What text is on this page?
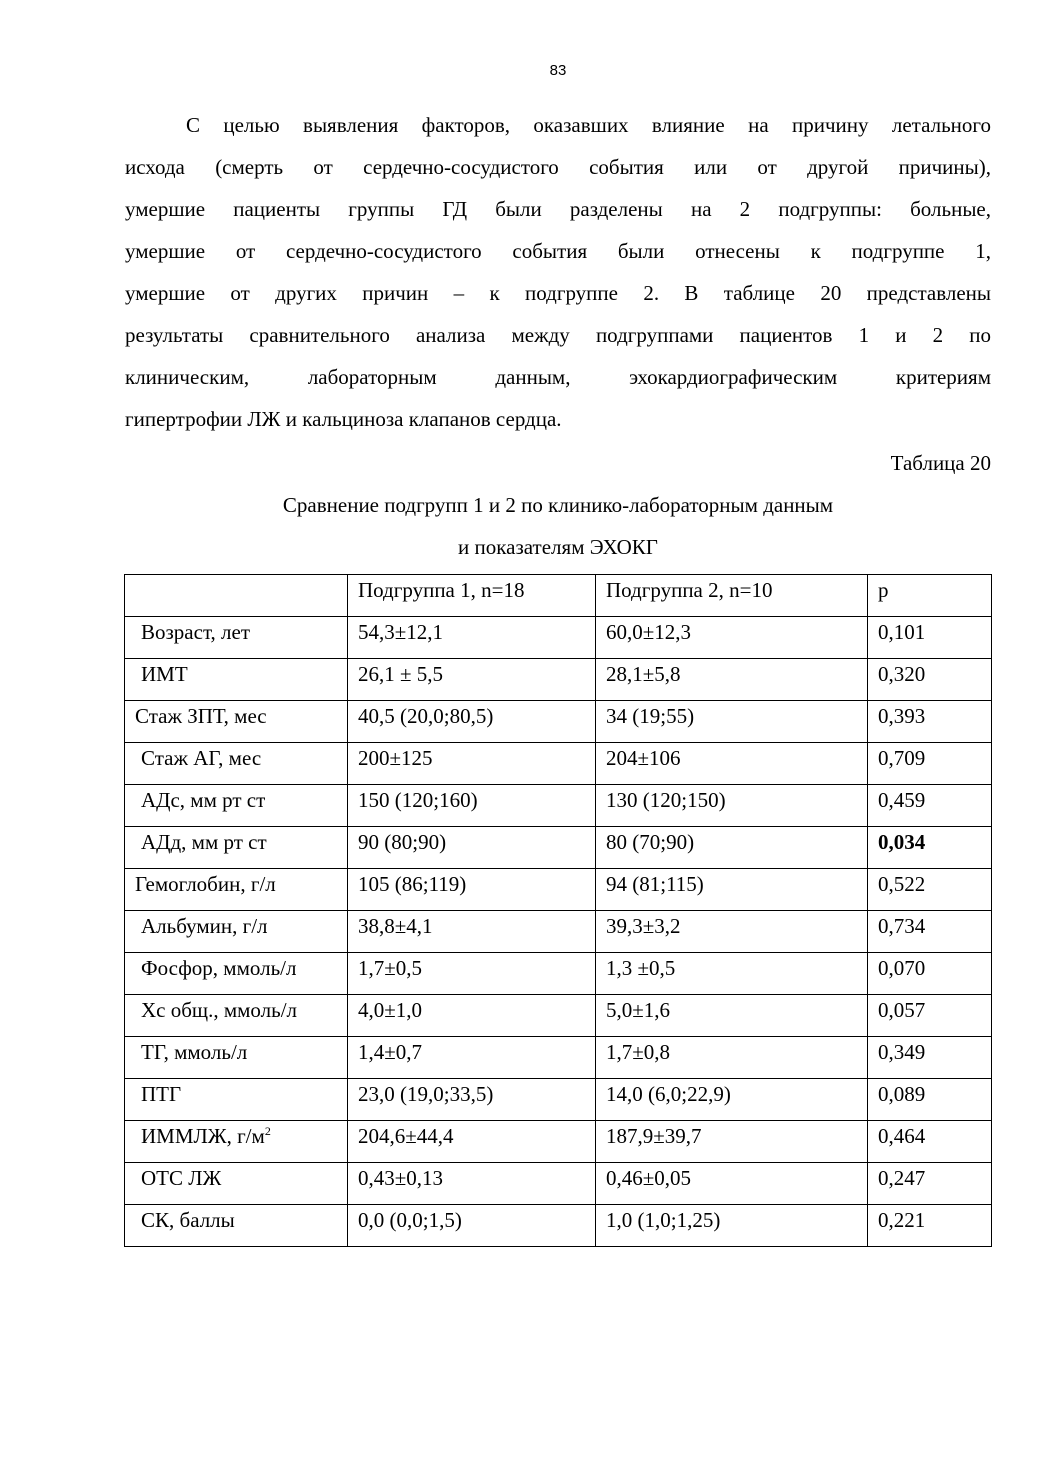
83
С целью выявления факторов, оказавших влияние на причину летального
исхода (смерть от сердечно-сосудистого события или от другой причины),
умершие пациенты группы ГД были разделены на 2 подгруппы: больные,
умершие от сердечно-сосудистого события были отнесены к подгруппе 1,
умершие от других причин – к подгруппе 2. В таблице 20 представлены
результаты сравнительного анализа между подгруппами пациентов 1 и 2 по
клиническим, лабораторным данным, эхокардиографическим критериям
гипертрофии ЛЖ и кальциноза клапанов сердца.
Таблица 20
Сравнение подгрупп 1 и 2 по клинико-лабораторным данным
и показателям ЭХОКГ
	Подгруппа 1, n=18	Подгруппа 2, n=10	p
Возраст, лет	54,3±12,1	60,0±12,3	0,101
ИМТ	26,1 ± 5,5	28,1±5,8	0,320
Стаж ЗПТ, мес	40,5 (20,0;80,5)	34 (19;55)	0,393
Стаж АГ, мес	200±125	204±106	0,709
АДс, мм рт ст	150 (120;160)	130 (120;150)	0,459
АДд, мм рт ст	90 (80;90)	80 (70;90)	0,034
Гемоглобин, г/л	105 (86;119)	94 (81;115)	0,522
Альбумин, г/л	38,8±4,1	39,3±3,2	0,734
Фосфор, ммоль/л	1,7±0,5	1,3 ±0,5	0,070
Хс общ., ммоль/л	4,0±1,0	5,0±1,6	0,057
ТГ, ммоль/л	1,4±0,7	1,7±0,8	0,349
ПТГ	23,0 (19,0;33,5)	14,0 (6,0;22,9)	0,089
ИММЛЖ, $г/м^2$	204,6±44,4	187,9±39,7	0,464
ОТС ЛЖ	0,43±0,13	0,46±0,05	0,247
СК, баллы	0,0 (0,0;1,5)	1,0 (1,0;1,25)	0,221
